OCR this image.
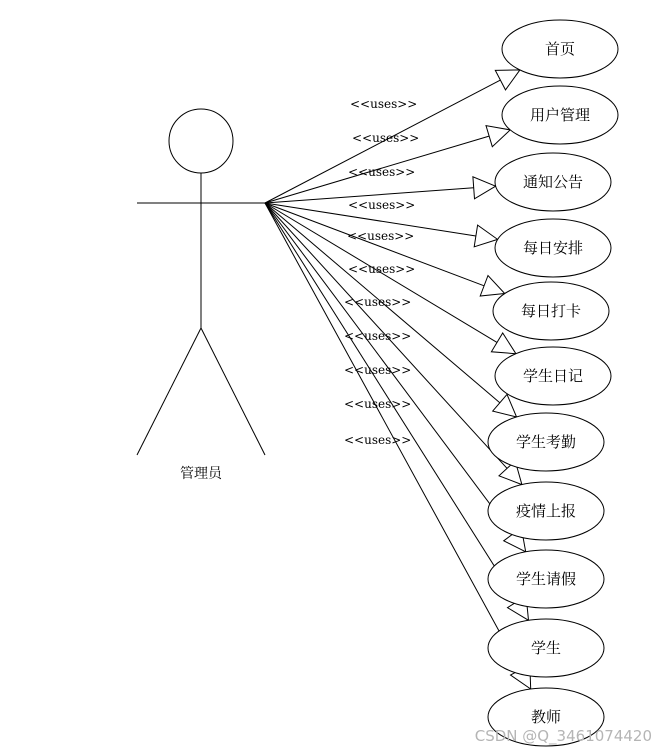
管理员
<<uses>>
<<uses>>
<<uses>>
<<uses>>
<<uses>>
<<uses>>
<<uses>>
<<uses>>
<<uses>>
<<uses>>
<<uses>>
首页
用户管理
通知公告
每日安排
每日打卡
学生日记
学生考勤
疫情上报
学生请假
学生
教师
CSDN @Q_3461074420
